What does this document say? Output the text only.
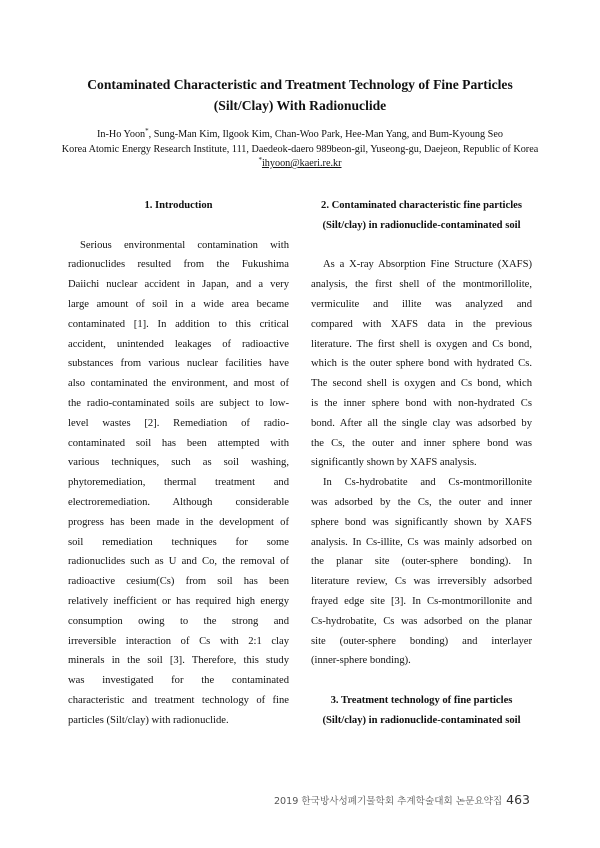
Contaminated Characteristic and Treatment Technology of Fine Particles
(Silt/Clay) With Radionuclide
In-Ho Yoon*, Sung-Man Kim, Ilgook Kim, Chan-Woo Park, Hee-Man Yang, and Bum-Kyoung Seo
Korea Atomic Energy Research Institute, 111, Daedeok-daero 989beon-gil, Yuseong-gu, Daejeon, Republic of Korea
*ihyoon@kaeri.re.kr
1. Introduction
Serious environmental contamination with
radionuclides resulted from the Fukushima
Daiichi nuclear accident in Japan, and a very
large amount of soil in a wide area became
contaminated [1]. In addition to this critical
accident, unintended leakages of radioactive
substances from various nuclear facilities have
also contaminated the environment, and most of
the radio-contaminated soils are subject to low-
level wastes [2]. Remediation of radio-
contaminated soil has been attempted with
various techniques, such as soil washing,
phytoremediation, thermal treatment and
electroremediation. Although considerable
progress has been made in the development of
soil remediation techniques for some
radionuclides such as U and Co, the removal of
radioactive cesium(Cs) from soil has been
relatively inefficient or has required high energy
consumption owing to the strong and
irreversible interaction of Cs with 2:1 clay
minerals in the soil [3]. Therefore, this study
was investigated for the contaminated
characteristic and treatment technology of fine
particles (Silt/clay) with radionuclide.
2. Contaminated characteristic fine particles
(Silt/clay) in radionuclide-contaminated soil
As a X-ray Absorption Fine Structure (XAFS)
analysis, the first shell of the montmorillolite,
vermiculite and illite was analyzed and
compared with XAFS data in the previous
literature. The first shell is oxygen and Cs bond,
which is the outer sphere bond with hydrated Cs.
The second shell is oxygen and Cs bond, which
is the inner sphere bond with non-hydrated Cs
bond. After all the single clay was adsorbed by
the Cs, the outer and inner sphere bond was
significantly shown by XAFS analysis.
In Cs-hydrobatite and Cs-montmorillonite
was adsorbed by the Cs, the outer and inner
sphere bond was significantly shown by XAFS
analysis. In Cs-illite, Cs was mainly adsorbed on
the planar site (outer-sphere bonding). In
literature review, Cs was irreversibly adsorbed
frayed edge site [3]. In Cs-montmorillonite and
Cs-hydrobatite, Cs was adsorbed on the planar
site (outer-sphere bonding) and interlayer
(inner-sphere bonding).
3. Treatment technology of fine particles
(Silt/clay) in radionuclide-contaminated soil
2019 한국방사성폐기물학회 추계학술대회 논문요약집 463
